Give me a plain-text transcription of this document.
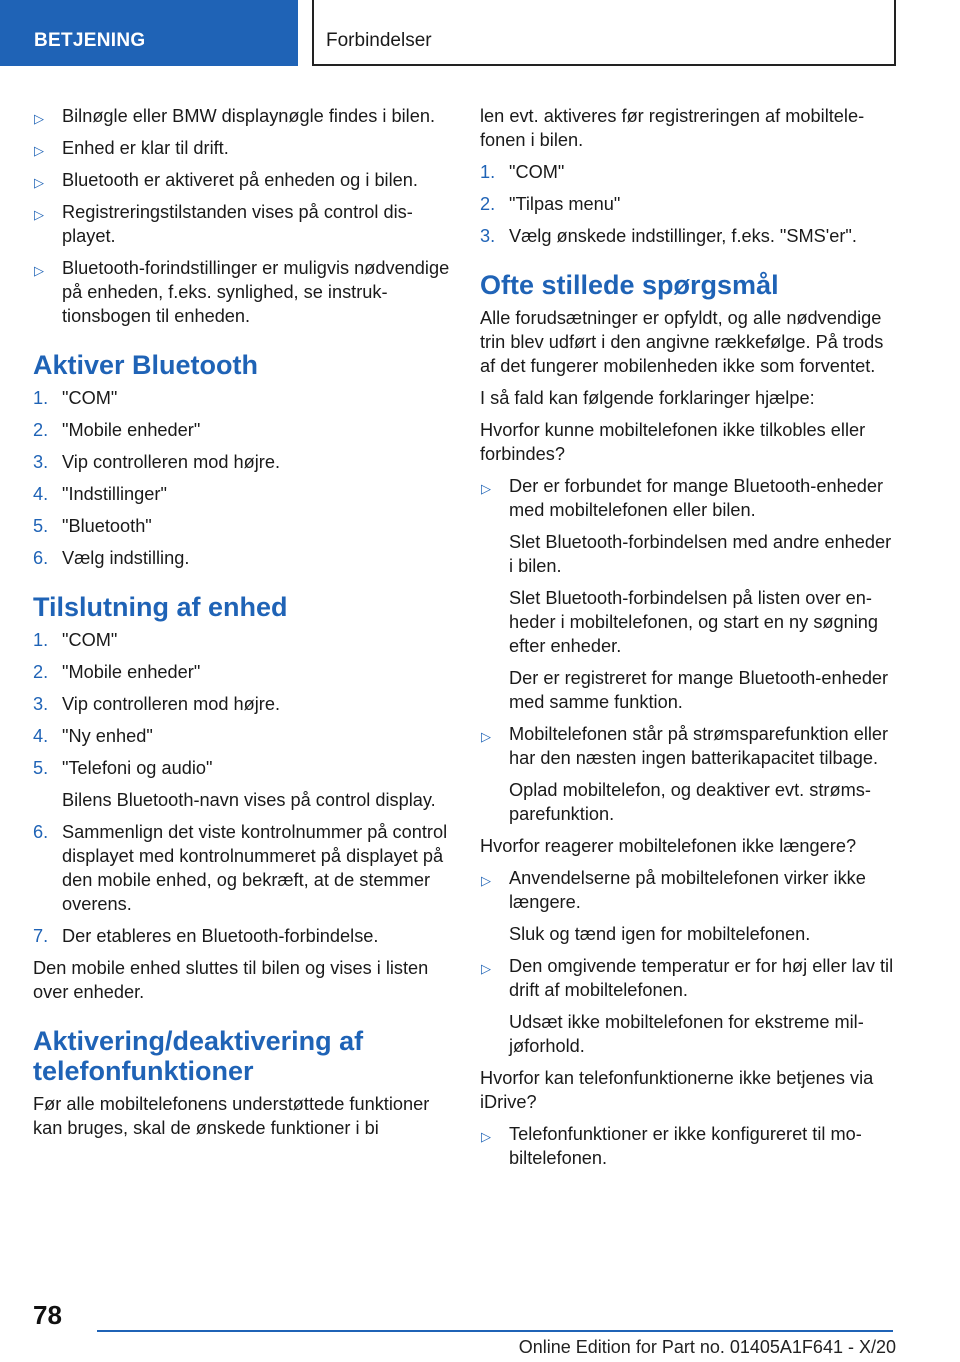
BETJENING	Forbindelser
▷ Bilnøgle eller BMW displaynøgle findes i bilen.
▷ Enhed er klar til drift.
▷ Bluetooth er aktiveret på enheden og i bilen.
▷ Registreringstilstanden vises på control displayet.
▷ Bluetooth-forindstillinger er muligvis nødvendige på enheden, f.eks. synlighed, se instruktionsbogen til enheden.
Aktiver Bluetooth
1. "COM"
2. "Mobile enheder"
3. Vip controlleren mod højre.
4. "Indstillinger"
5. "Bluetooth"
6. Vælg indstilling.
Tilslutning af enhed
1. "COM"
2. "Mobile enheder"
3. Vip controlleren mod højre.
4. "Ny enhed"
5. "Telefoni og audio"
Bilens Bluetooth-navn vises på control display.
6. Sammenlign det viste kontrolnummer på control displayet med kontrolnummeret på displayet på den mobile enhed, og bekræft, at de stemmer overens.
7. Der etableres en Bluetooth-forbindelse.
Den mobile enhed sluttes til bilen og vises i listen over enheder.
Aktivering/deaktivering af telefonfunktioner
Før alle mobiltelefonens understøttede funktioner kan bruges, skal de ønskede funktioner i bi
len evt. aktiveres før registreringen af mobiltelefonen i bilen.
1. "COM"
2. "Tilpas menu"
3. Vælg ønskede indstillinger, f.eks. "SMS'er".
Ofte stillede spørgsmål
Alle forudsætninger er opfyldt, og alle nødvendige trin blev udført i den angivne rækkefølge. På trods af det fungerer mobilenheden ikke som forventet.
I så fald kan følgende forklaringer hjælpe:
Hvorfor kunne mobiltelefonen ikke tilkobles eller forbindes?
▷ Der er forbundet for mange Bluetooth-enheder med mobiltelefonen eller bilen.
Slet Bluetooth-forbindelsen med andre enheder i bilen.
Slet Bluetooth-forbindelsen på listen over enheder i mobiltelefonen, og start en ny søgning efter enheder.
Der er registreret for mange Bluetooth-enheder med samme funktion.
▷ Mobiltelefonen står på strømsparefunktion eller har den næsten ingen batterikapacitet tilbage.
Oplad mobiltelefon, og deaktiver evt. strømsparefunktion.
Hvorfor reagerer mobiltelefonen ikke længere?
▷ Anvendelserne på mobiltelefonen virker ikke længere.
Sluk og tænd igen for mobiltelefonen.
▷ Den omgivende temperatur er for høj eller lav til drift af mobiltelefonen.
Udsæt ikke mobiltelefonen for ekstreme miljøforhold.
Hvorfor kan telefonfunktionerne ikke betjenes via iDrive?
▷ Telefonfunktioner er ikke konfigureret til mobiltelefonen.
78
Online Edition for Part no. 01405A1F641 - X/20
